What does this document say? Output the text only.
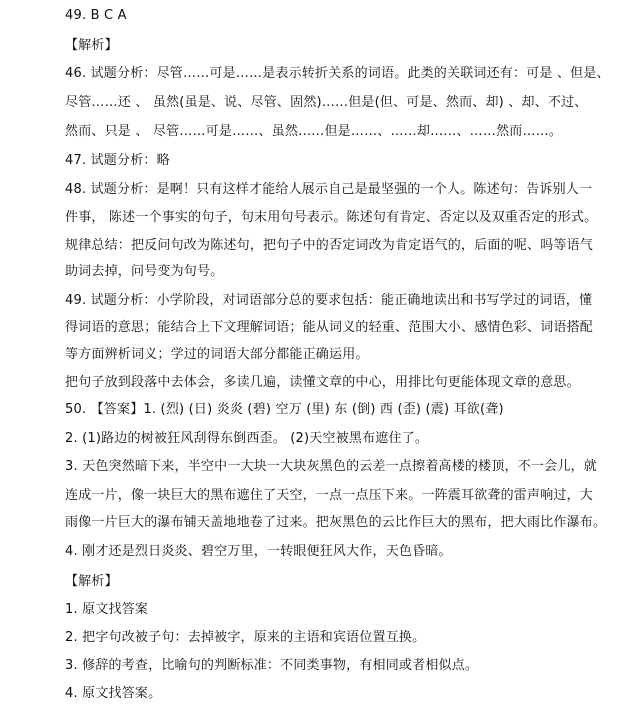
49. B C A
【解析】
46. 试题分析：尽管……可是……是表示转折关系的词语。此类的关联词还有：可是 、但是、
尽管……还 、 虽然(虽是、说、尽管、固然)……但是(但、可是、然而、却) 、却、不过、
然而、只是 、 尽管……可是……、虽然……但是……、……却……、……然而……。
47. 试题分析：略
48. 试题分析：是啊！只有这样才能给人展示自己是最坚强的一个人。陈述句：告诉别人一
件事， 陈述一个事实的句子，句末用句号表示。陈述句有肯定、否定以及双重否定的形式。
规律总结：把反问句改为陈述句，把句子中的否定词改为肯定语气的，后面的呢、吗等语气
助词去掉，问号变为句号。
49. 试题分析：小学阶段，对词语部分总的要求包括：能正确地读出和书写学过的词语，懂
得词语的意思；能结合上下文理解词语；能从词义的轻重、范围大小、感情色彩、词语搭配
等方面辨析词义；学过的词语大部分都能正确运用。
把句子放到段落中去体会，多读几遍，读懂文章的中心，用排比句更能体现文章的意思。
50. 【答案】1. (烈) (日) 炎炎 (碧) 空万 (里) 东 (倒) 西 (歪) (震) 耳欲(聋)
2. (1)路边的树被狂风刮得东倒西歪。 (2)天空被黑布遮住了。
3. 天色突然暗下来，半空中一大块一大块灰黑色的云差一点擦着高楼的楼顶，不一会儿，就
连成一片，像一块巨大的黑布遮住了天空，一点一点压下来。一阵震耳欲聋的雷声响过，大
雨像一片巨大的瀑布铺天盖地地卷了过来。把灰黑色的云比作巨大的黑布，把大雨比作瀑布。
4. 刚才还是烈日炎炎、碧空万里，一转眼便狂风大作，天色昏暗。
【解析】
1. 原文找答案
2. 把字句改被子句：去掉被字，原来的主语和宾语位置互换。
3. 修辞的考查，比喻句的判断标准：不同类事物，有相同或者相似点。
4. 原文找答案。
